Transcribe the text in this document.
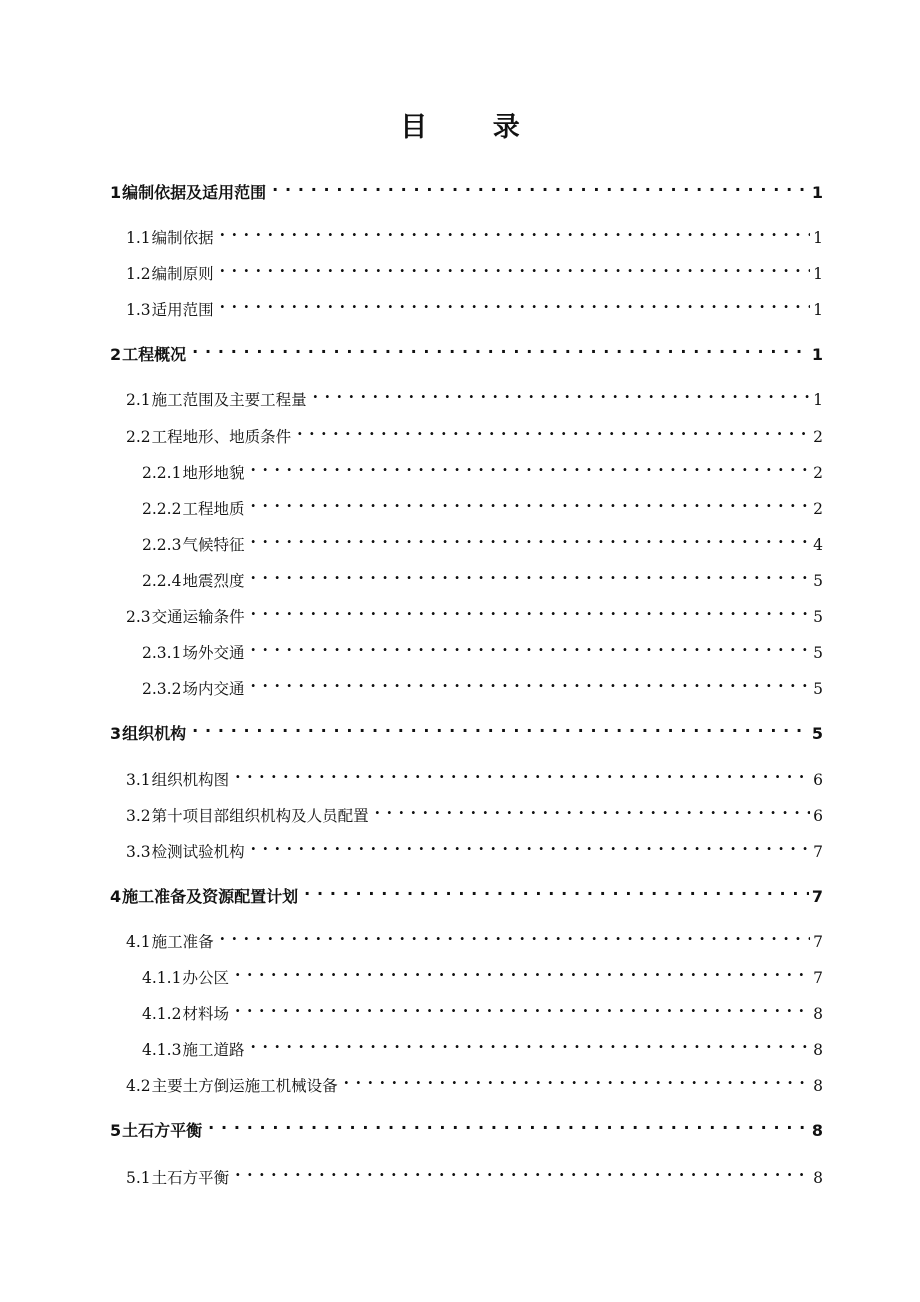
目 录
1 编制依据及适用范围 . . .	1
1.1 编制依据 . . .	1
1.2 编制原则 . . .	1
1.3 适用范围 . . .	1
2 工程概况 . . .	1
2.1 施工范围及主要工程量 . . .	1
2.2 工程地形、地质条件 . . .	2
2.2.1 地形地貌 . . .	2
2.2.2 工程地质 . . .	2
2.2.3 气候特征 . . .	4
2.2.4 地震烈度 . . .	5
2.3 交通运输条件 . . .	5
2.3.1 场外交通 . . .	5
2.3.2 场内交通 . . .	5
3 组织机构 . . .	5
3.1 组织机构图 . . .	6
3.2 第十项目部组织机构及人员配置 . . .	6
3.3 检测试验机构 . . .	7
4 施工准备及资源配置计划 . . .	7
4.1 施工准备 . . .	7
4.1.1 办公区 . . .	7
4.1.2 材料场 . . .	8
4.1.3 施工道路 . . .	8
4.2 主要土方倒运施工机械设备 . . .	8
5 土石方平衡 . . .	8
5.1 土石方平衡 . . .	8
